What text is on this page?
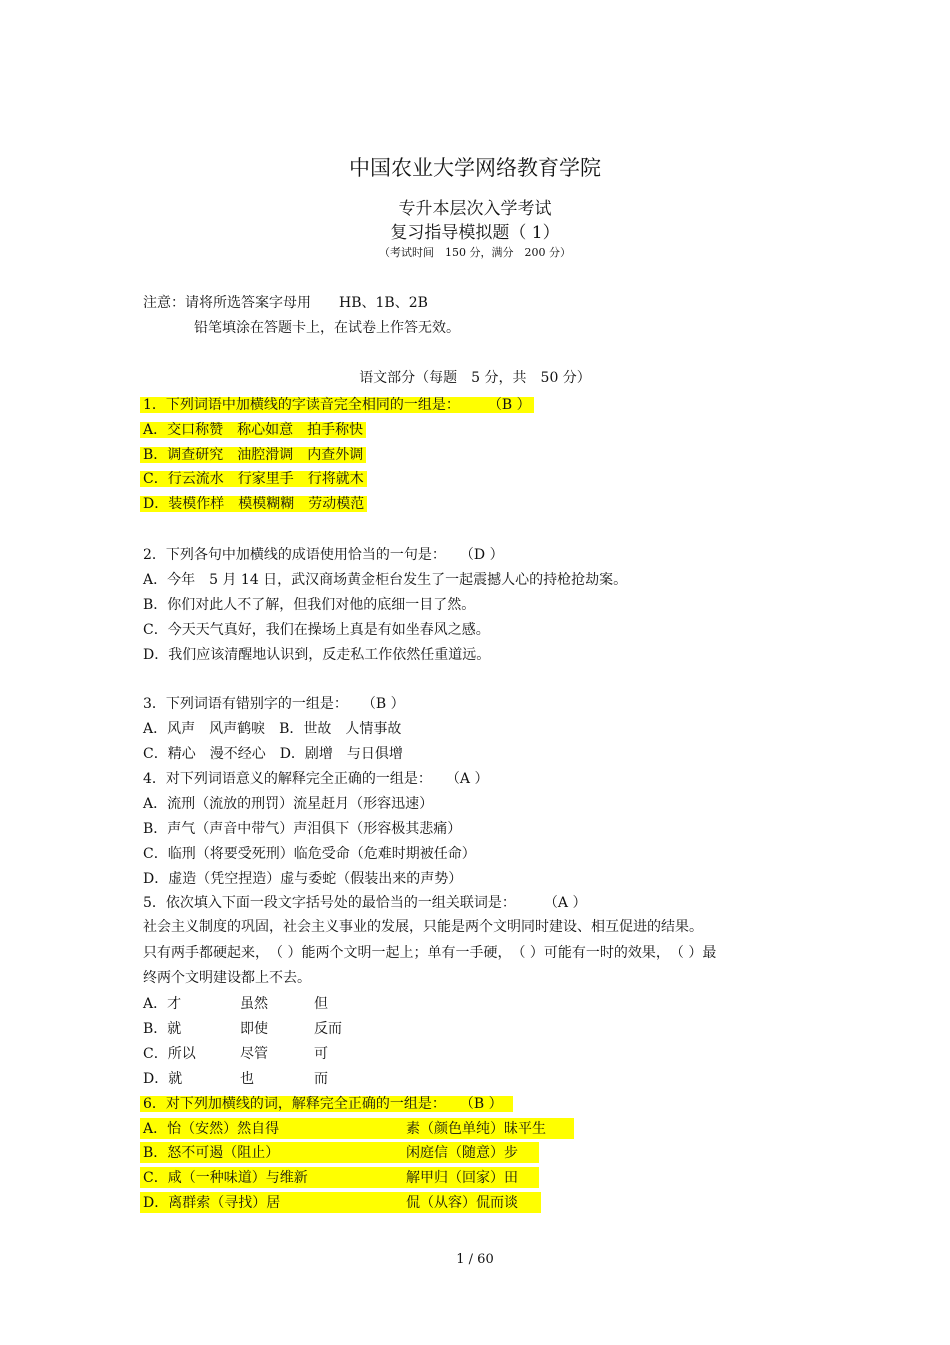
中国农业大学网络教育学院
专升本层次入学考试
复习指导模拟题（ 1）
（考试时间　150 分，满分　200 分）
注意：请将所选答案字母用　　HB、1B、2B
铅笔填涂在答题卡上，在试卷上作答无效。
语文部分（每题　5 分，共　50 分）
1．下列词语中加横线的字读音完全相同的一组是：　　　（B ）
A．交口称赞　称心如意　拍手称快
B．调查研究　油腔滑调　内查外调
C．行云流水　行家里手　行将就木
D．装模作样　模模糊糊　劳动模范
2．下列各句中加横线的成语使用恰当的一句是：　　（D ）
A．今年　5 月 14 日，武汉商场黄金柜台发生了一起震撼人心的持枪抢劫案。
B．你们对此人不了解，但我们对他的底细一目了然。
C．今天天气真好，我们在操场上真是有如坐春风之感。
D．我们应该清醒地认识到，反走私工作依然任重道远。
3．下列词语有错别字的一组是：　　（B ）
A．风声　风声鹤唳　B．世故　人情事故
C．精心　漫不经心　D．剧增　与日俱增
4．对下列词语意义的解释完全正确的一组是：　　（A ）
A．流刑（流放的刑罚）流星赶月（形容迅速）
B．声气（声音中带气）声泪俱下（形容极其悲痛）
C．临刑（将要受死刑）临危受命（危难时期被任命）
D．虚造（凭空捏造）虚与委蛇（假装出来的声势）
5．依次填入下面一段文字括号处的最恰当的一组关联词是：　　　（A ）
社会主义制度的巩固，社会主义事业的发展，只能是两个文明同时建设、相互促进的结果。
只有两手都硬起来，　（ ）能两个文明一起上；单有一手硬，　（ ）可能有一时的效果，　（ ）最
终两个文明建设都上不去。
A．才	虽然	但
B．就	即使	反而
C．所以	尽管	可
D．就	也	而
6．对下列加横线的词，解释完全正确的一组是：　　（B ）
A．怡（安然）然自得	素（颜色单纯）昧平生
B．怒不可遏（阻止）	闲庭信（随意）步
C．咸（一种味道）与维新	解甲归（回家）田
D．离群索（寻找）居	侃（从容）侃而谈
1 / 60
